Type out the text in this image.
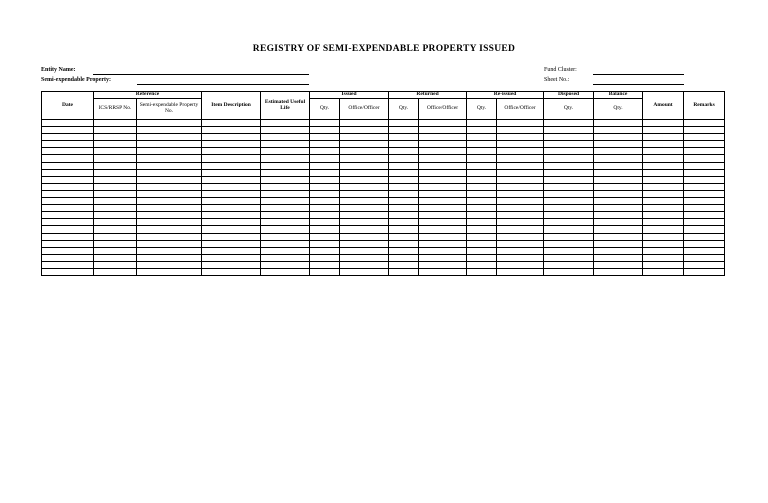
REGISTRY OF SEMI-EXPENDABLE PROPERTY ISSUED
Entity Name:
Semi-expendable Property:
Fund Cluster:
Sheet No.:
Date	Reference		Item Description	Estimated Useful Life	Issued		Returned		Re-issued		Disposed	Balance	Amount	Remarks
	ICS/RRSP No.	Semi-expendable Property No.			Qty.	Office/Officer	Qty.	Office/Officer	Qty.	Office/Officer	Qty.	Qty.		
